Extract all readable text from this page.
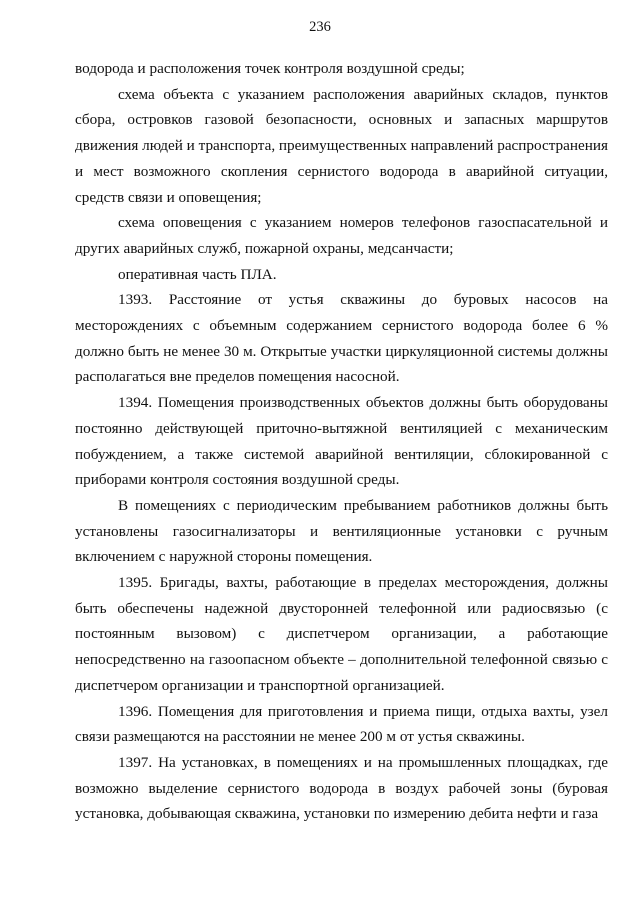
236

водорода и расположения точек контроля воздушной среды;

схема объекта с указанием расположения аварийных складов, пунктов сбора, островков газовой безопасности, основных и запасных маршрутов движения людей и транспорта, преимущественных направлений распространения и мест возможного скопления сернистого водорода в аварийной ситуации, средств связи и оповещения;

схема оповещения с указанием номеров телефонов газоспасательной и других аварийных служб, пожарной охраны, медсанчасти;

оперативная часть ПЛА.

1393. Расстояние от устья скважины до буровых насосов на месторождениях с объемным содержанием сернистого водорода более 6 % должно быть не менее 30 м. Открытые участки циркуляционной системы должны располагаться вне пределов помещения насосной.

1394. Помещения производственных объектов должны быть оборудованы постоянно действующей приточно-вытяжной вентиляцией с механическим побуждением, а также системой аварийной вентиляции, сблокированной с приборами контроля состояния воздушной среды.

В помещениях с периодическим пребыванием работников должны быть установлены газосигнализаторы и вентиляционные установки с ручным включением с наружной стороны помещения.

1395. Бригады, вахты, работающие в пределах месторождения, должны быть обеспечены надежной двусторонней телефонной или радиосвязью (с постоянным вызовом) с диспетчером организации, а работающие непосредственно на газоопасном объекте – дополнительной телефонной связью с диспетчером организации и транспортной организацией.

1396. Помещения для приготовления и приема пищи, отдыха вахты, узел связи размещаются на расстоянии не менее 200 м от устья скважины.

1397. На установках, в помещениях и на промышленных площадках, где возможно выделение сернистого водорода в воздух рабочей зоны (буровая установка, добывающая скважина, установки по измерению дебита нефти и газа
